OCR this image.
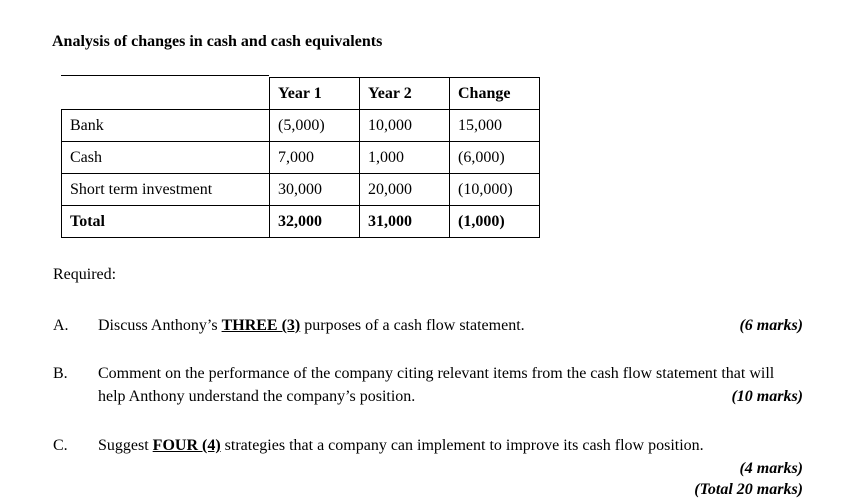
Analysis of changes in cash and cash equivalents
	Year 1	Year 2	Change
Bank	(5,000)	10,000	15,000
Cash	7,000	1,000	(6,000)
Short term investment	30,000	20,000	(10,000)
Total	32,000	31,000	(1,000)
Required:
A. Discuss Anthony’s THREE (3) purposes of a cash flow statement.	(6 marks)
B. Comment on the performance of the company citing relevant items from the cash flow statement that will help Anthony understand the company’s position.	(10 marks)
C. Suggest FOUR (4) strategies that a company can implement to improve its cash flow position.
(4 marks)
(Total 20 marks)
